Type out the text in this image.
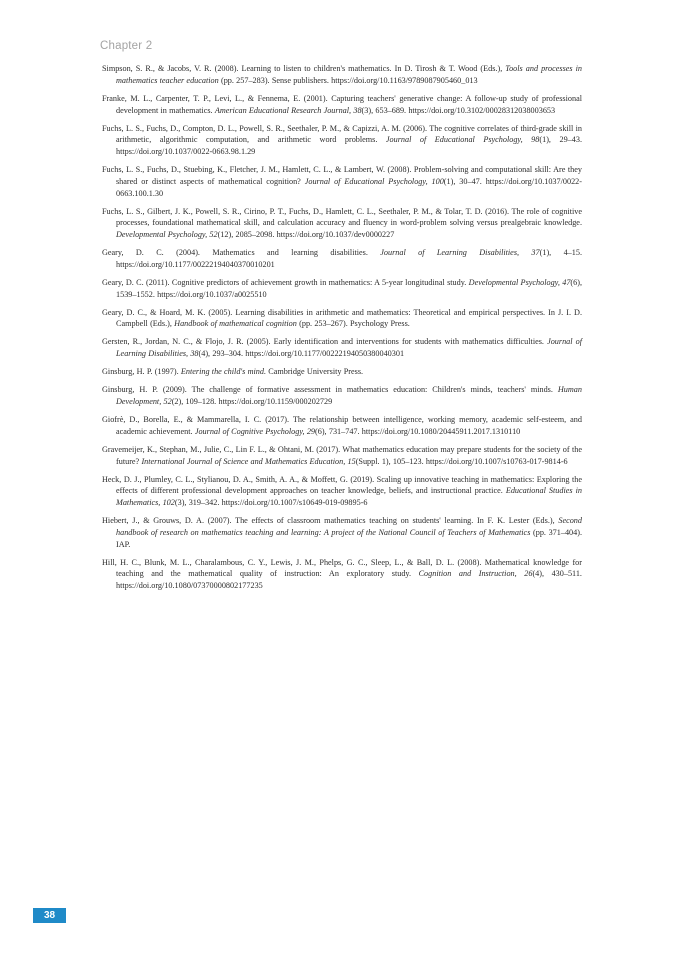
Chapter 2
Simpson, S. R., & Jacobs, V. R. (2008). Learning to listen to children's mathematics. In D. Tirosh & T. Wood (Eds.), Tools and processes in mathematics teacher education (pp. 257–283). Sense publishers. https://doi.org/10.1163/9789087905460_013
Franke, M. L., Carpenter, T. P., Levi, L., & Fennema, E. (2001). Capturing teachers' generative change: A follow-up study of professional development in mathematics. American Educational Research Journal, 38(3), 653–689. https://doi.org/10.3102/00028312038003653
Fuchs, L. S., Fuchs, D., Compton, D. L., Powell, S. R., Seethaler, P. M., & Capizzi, A. M. (2006). The cognitive correlates of third-grade skill in arithmetic, algorithmic computation, and arithmetic word problems. Journal of Educational Psychology, 98(1), 29–43. https://doi.org/10.1037/0022-0663.98.1.29
Fuchs, L. S., Fuchs, D., Stuebing, K., Fletcher, J. M., Hamlett, C. L., & Lambert, W. (2008). Problem-solving and computational skill: Are they shared or distinct aspects of mathematical cognition? Journal of Educational Psychology, 100(1), 30–47. https://doi.org/10.1037/0022-0663.100.1.30
Fuchs, L. S., Gilbert, J. K., Powell, S. R., Cirino, P. T., Fuchs, D., Hamlett, C. L., Seethaler, P. M., & Tolar, T. D. (2016). The role of cognitive processes, foundational mathematical skill, and calculation accuracy and fluency in word-problem solving versus prealgebraic knowledge. Developmental Psychology, 52(12), 2085–2098. https://doi.org/10.1037/dev0000227
Geary, D. C. (2004). Mathematics and learning disabilities. Journal of Learning Disabilities, 37(1), 4–15. https://doi.org/10.1177/00222194040370010201
Geary, D. C. (2011). Cognitive predictors of achievement growth in mathematics: A 5-year longitudinal study. Developmental Psychology, 47(6), 1539–1552. https://doi.org/10.1037/a0025510
Geary, D. C., & Hoard, M. K. (2005). Learning disabilities in arithmetic and mathematics: Theoretical and empirical perspectives. In J. I. D. Campbell (Eds.), Handbook of mathematical cognition (pp. 253–267). Psychology Press.
Gersten, R., Jordan, N. C., & Flojo, J. R. (2005). Early identification and interventions for students with mathematics difficulties. Journal of Learning Disabilities, 38(4), 293–304. https://doi.org/10.1177/00222194050380040301
Ginsburg, H. P. (1997). Entering the child's mind. Cambridge University Press.
Ginsburg, H. P. (2009). The challenge of formative assessment in mathematics education: Children's minds, teachers' minds. Human Development, 52(2), 109–128. https://doi.org/10.1159/000202729
Giofrè, D., Borella, E., & Mammarella, I. C. (2017). The relationship between intelligence, working memory, academic self-esteem, and academic achievement. Journal of Cognitive Psychology, 29(6), 731–747. https://doi.org/10.1080/20445911.2017.1310110
Gravemeijer, K., Stephan, M., Julie, C., Lin F. L., & Ohtani, M. (2017). What mathematics education may prepare students for the society of the future? International Journal of Science and Mathematics Education, 15(Suppl. 1), 105–123. https://doi.org/10.1007/s10763-017-9814-6
Heck, D. J., Plumley, C. L., Stylianou, D. A., Smith, A. A., & Moffett, G. (2019). Scaling up innovative teaching in mathematics: Exploring the effects of different professional development approaches on teacher knowledge, beliefs, and instructional practice. Educational Studies in Mathematics, 102(3), 319–342. https://doi.org/10.1007/s10649-019-09895-6
Hiebert, J., & Grouws, D. A. (2007). The effects of classroom mathematics teaching on students' learning. In F. K. Lester (Eds.), Second handbook of research on mathematics teaching and learning: A project of the National Council of Teachers of Mathematics (pp. 371–404). IAP.
Hill, H. C., Blunk, M. L., Charalambous, C. Y., Lewis, J. M., Phelps, G. C., Sleep, L., & Ball, D. L. (2008). Mathematical knowledge for teaching and the mathematical quality of instruction: An exploratory study. Cognition and Instruction, 26(4), 430–511. https://doi.org/10.1080/07370000802177235
38
